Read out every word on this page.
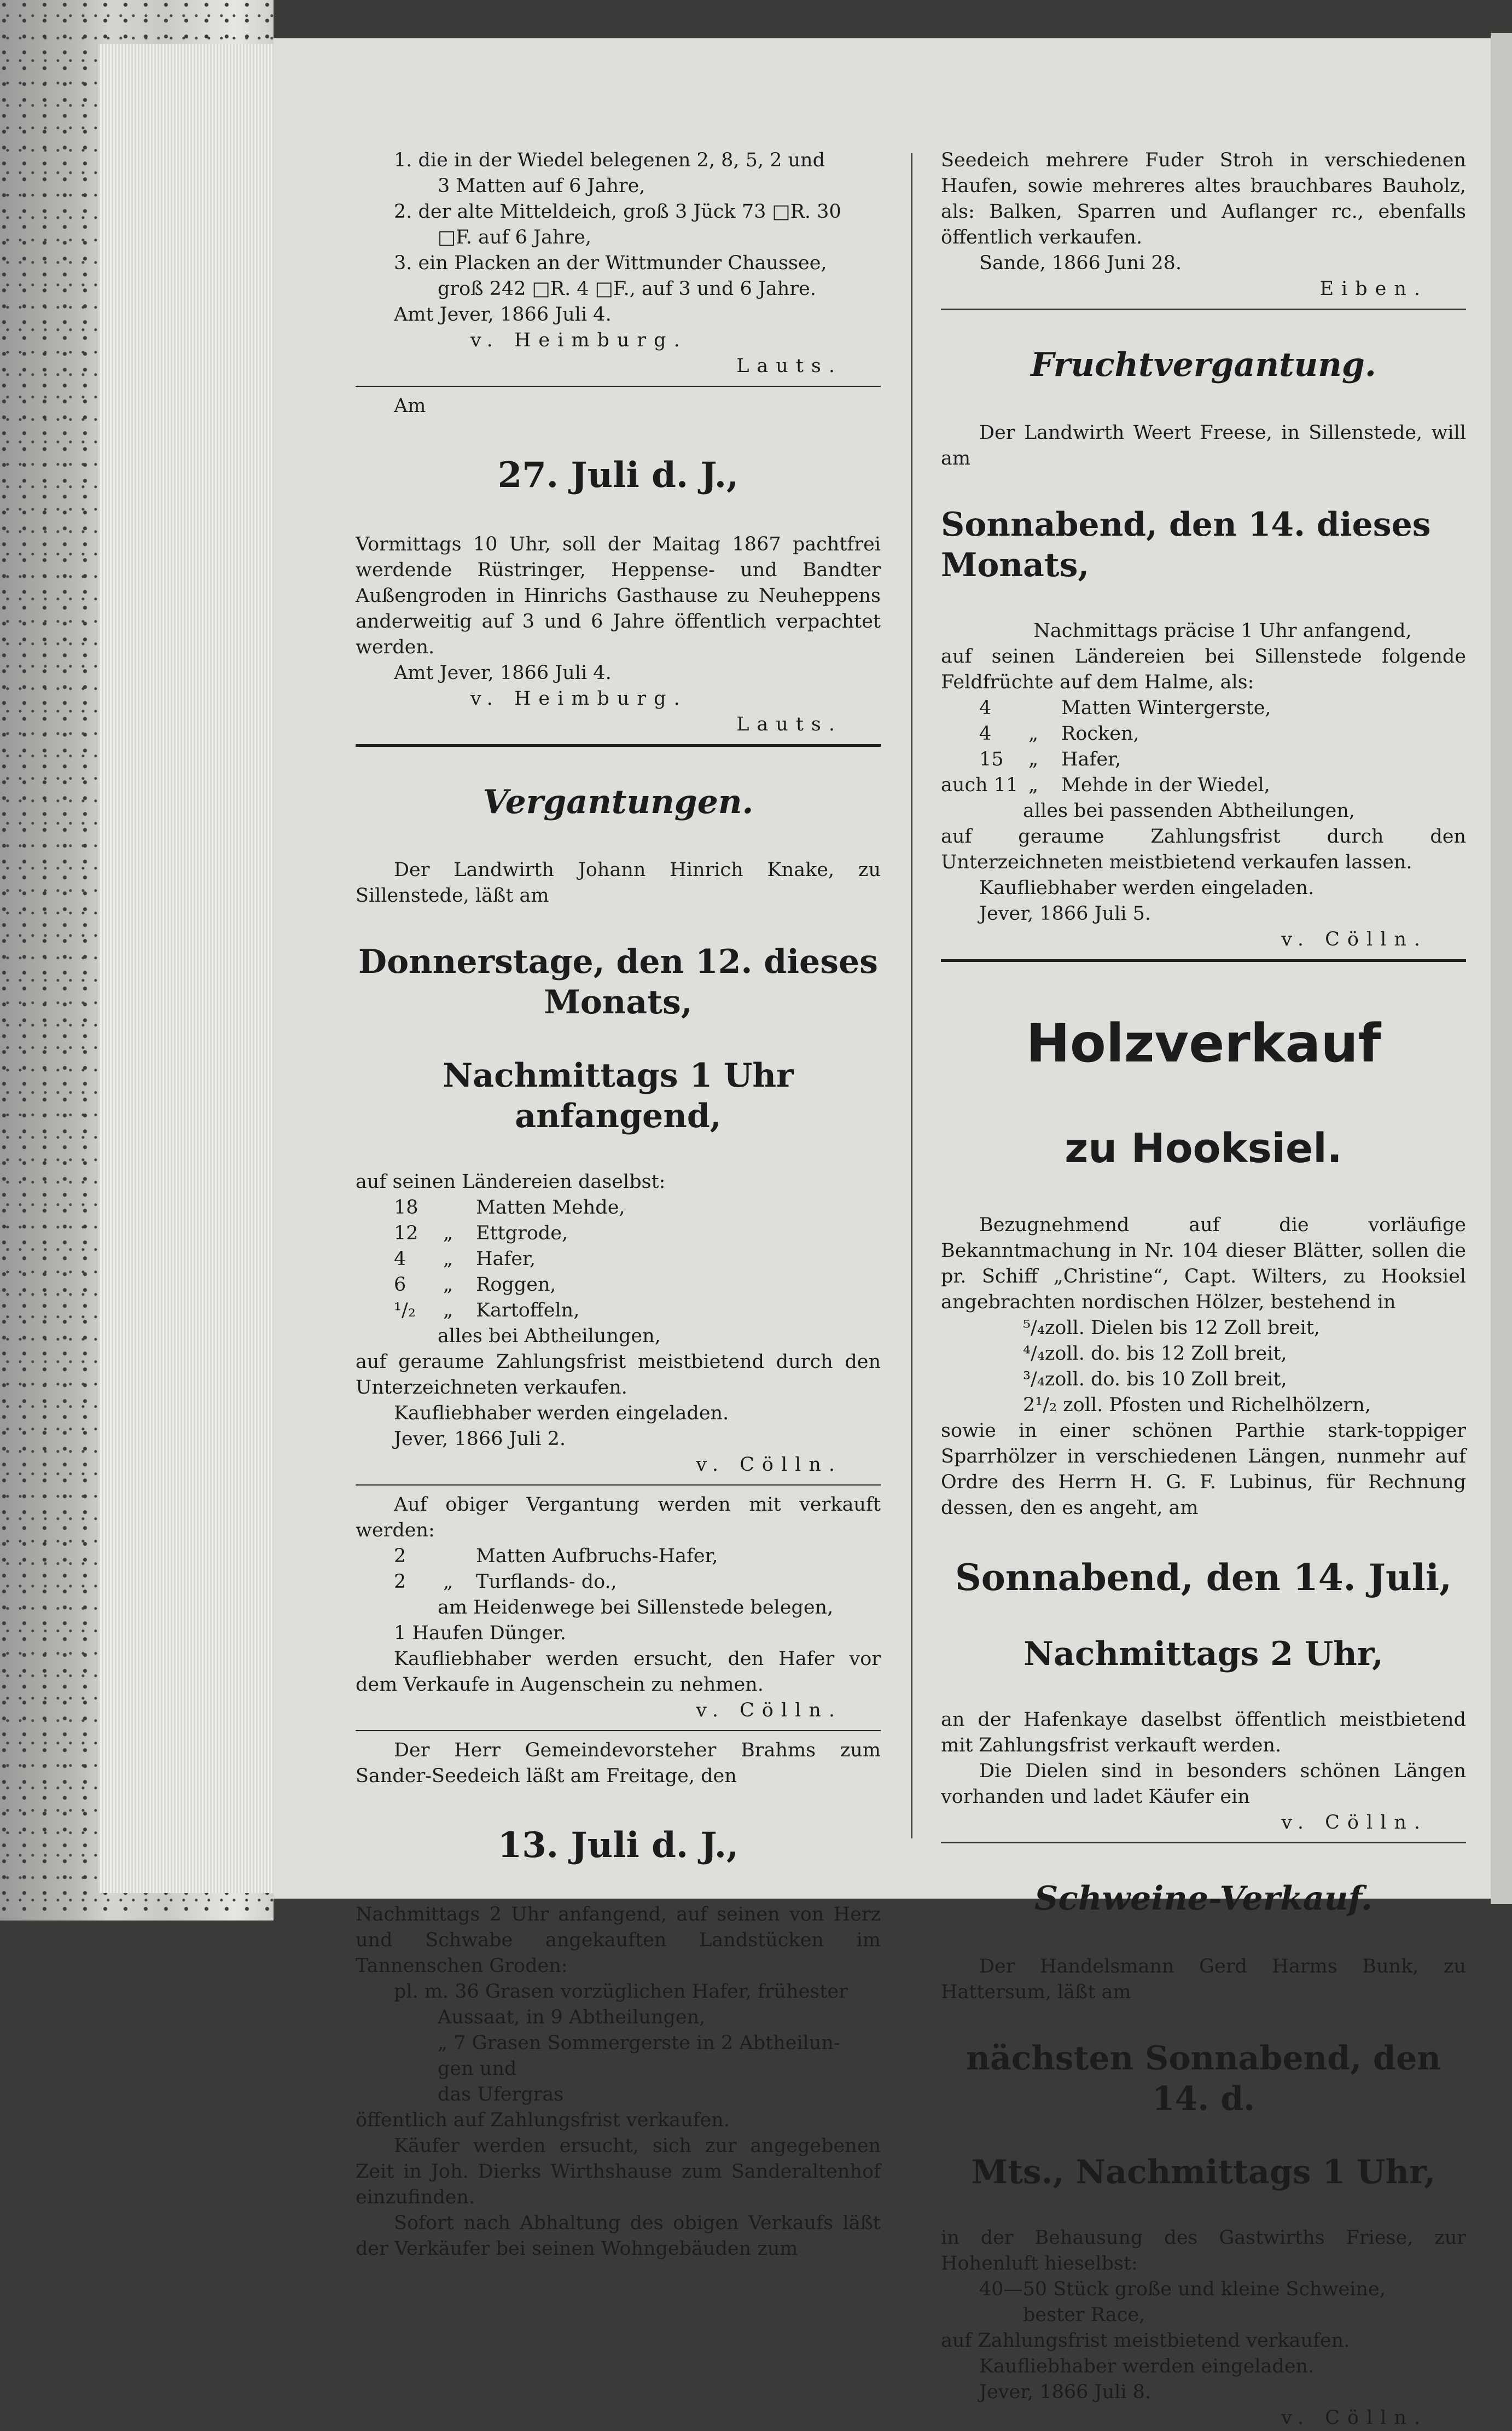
1. die in der Wiedel belegenen 2, 8, 5, 2 und

3 Matten auf 6 Jahre,

2. der alte Mitteldeich, groß 3 Jück 73 □R. 30

□F. auf 6 Jahre,

3. ein Placken an der Wittmunder Chaussee,

groß 242 □R. 4 □F., auf 3 und 6 Jahre.

Amt Jever, 1866 Juli 4.

v. Heimburg.

Lauts.

Am

27. Juli d. J.,

Vormittags 10 Uhr, soll der Maitag 1867 pachtfrei werdende Rüstringer, Heppense- und Bandter Außengroden in Hinrichs Gasthause zu Neuheppens anderweitig auf 3 und 6 Jahre öffentlich verpachtet werden.

Amt Jever, 1866 Juli 4.

v. Heimburg.

Lauts.

Vergantungen.

Der Landwirth Johann Hinrich Knake, zu Sillenstede, läßt am

Donnerstage, den 12. dieses Monats,

Nachmittags 1 Uhr anfangend,

auf seinen Ländereien daselbst:

18	Matten Mehde,
12	„	Ettgrode,
4	„	Hafer,
6	„	Roggen,
¹/₂	„	Kartoffeln,

alles bei Abtheilungen,

auf geraume Zahlungsfrist meistbietend durch den Unterzeichneten verkaufen.

Kaufliebhaber werden eingeladen.

Jever, 1866 Juli 2.

v. Cölln.

Auf obiger Vergantung werden mit verkauft werden:

2	Matten Aufbruchs-Hafer,
2	„	Turflands- do.,

am Heidenwege bei Sillenstede belegen,

1 Haufen Dünger.

Kaufliebhaber werden ersucht, den Hafer vor dem Verkaufe in Augenschein zu nehmen.

v. Cölln.

Der Herr Gemeindevorsteher Brahms zum Sander-Seedeich läßt am Freitage, den

13. Juli d. J.,

Nachmittags 2 Uhr anfangend, auf seinen von Herz und Schwabe angekauften Landstücken im Tannenschen Groden:

pl. m. 36 Grasen vorzüglichen Hafer, frühester

Aussaat, in 9 Abtheilungen,

„ 7 Grasen Sommergerste in 2 Abtheilun-

gen und

das Ufergras

öffentlich auf Zahlungsfrist verkaufen.

Käufer werden ersucht, sich zur angegebenen Zeit in Joh. Dierks Wirthshause zum Sanderaltenhof einzufinden.

Sofort nach Abhaltung des obigen Verkaufs läßt der Verkäufer bei seinen Wohngebäuden zum

Seedeich mehrere Fuder Stroh in verschiedenen Haufen, sowie mehreres altes brauchbares Bauholz, als: Balken, Sparren und Auflanger rc., ebenfalls öffentlich verkaufen.

Sande, 1866 Juni 28.

Eiben.

Fruchtvergantung.

Der Landwirth Weert Freese, in Sillenstede, will am

Sonnabend, den 14. dieses Monats,

Nachmittags präcise 1 Uhr anfangend,

auf seinen Ländereien bei Sillenstede folgende Feldfrüchte auf dem Halme, als:

4	Matten Wintergerste,
4	„	Rocken,
15	„	Hafer,
auch 11 „	Mehde in der Wiedel,

alles bei passenden Abtheilungen,

auf geraume Zahlungsfrist durch den Unterzeichneten meistbietend verkaufen lassen.

Kaufliebhaber werden eingeladen.

Jever, 1866 Juli 5.

v. Cölln.

Holzverkauf

zu Hooksiel.

Bezugnehmend auf die vorläufige Bekanntmachung in Nr. 104 dieser Blätter, sollen die pr. Schiff „Christine“, Capt. Wilters, zu Hooksiel angebrachten nordischen Hölzer, bestehend in

⁵/₄zoll. Dielen bis 12 Zoll breit,

⁴/₄zoll. do. bis 12 Zoll breit,

³/₄zoll. do. bis 10 Zoll breit,

2¹/₂ zoll. Pfosten und Richelhölzern,

sowie in einer schönen Parthie stark-toppiger Sparrhölzer in verschiedenen Längen, nunmehr auf Ordre des Herrn H. G. F. Lubinus, für Rechnung dessen, den es angeht, am

Sonnabend, den 14. Juli,

Nachmittags 2 Uhr,

an der Hafenkaye daselbst öffentlich meistbietend mit Zahlungsfrist verkauft werden.

Die Dielen sind in besonders schönen Längen vorhanden und ladet Käufer ein

v. Cölln.

Schweine-Verkauf.

Der Handelsmann Gerd Harms Bunk, zu Hattersum, läßt am

nächsten Sonnabend, den 14. d.

Mts., Nachmittags 1 Uhr,

in der Behausung des Gastwirths Friese, zur Hohenluft hieselbst:

40—50 Stück große und kleine Schweine,

bester Race,

auf Zahlungsfrist meistbietend verkaufen.

Kaufliebhaber werden eingeladen.

Jever, 1866 Juli 8.

v. Cölln.
